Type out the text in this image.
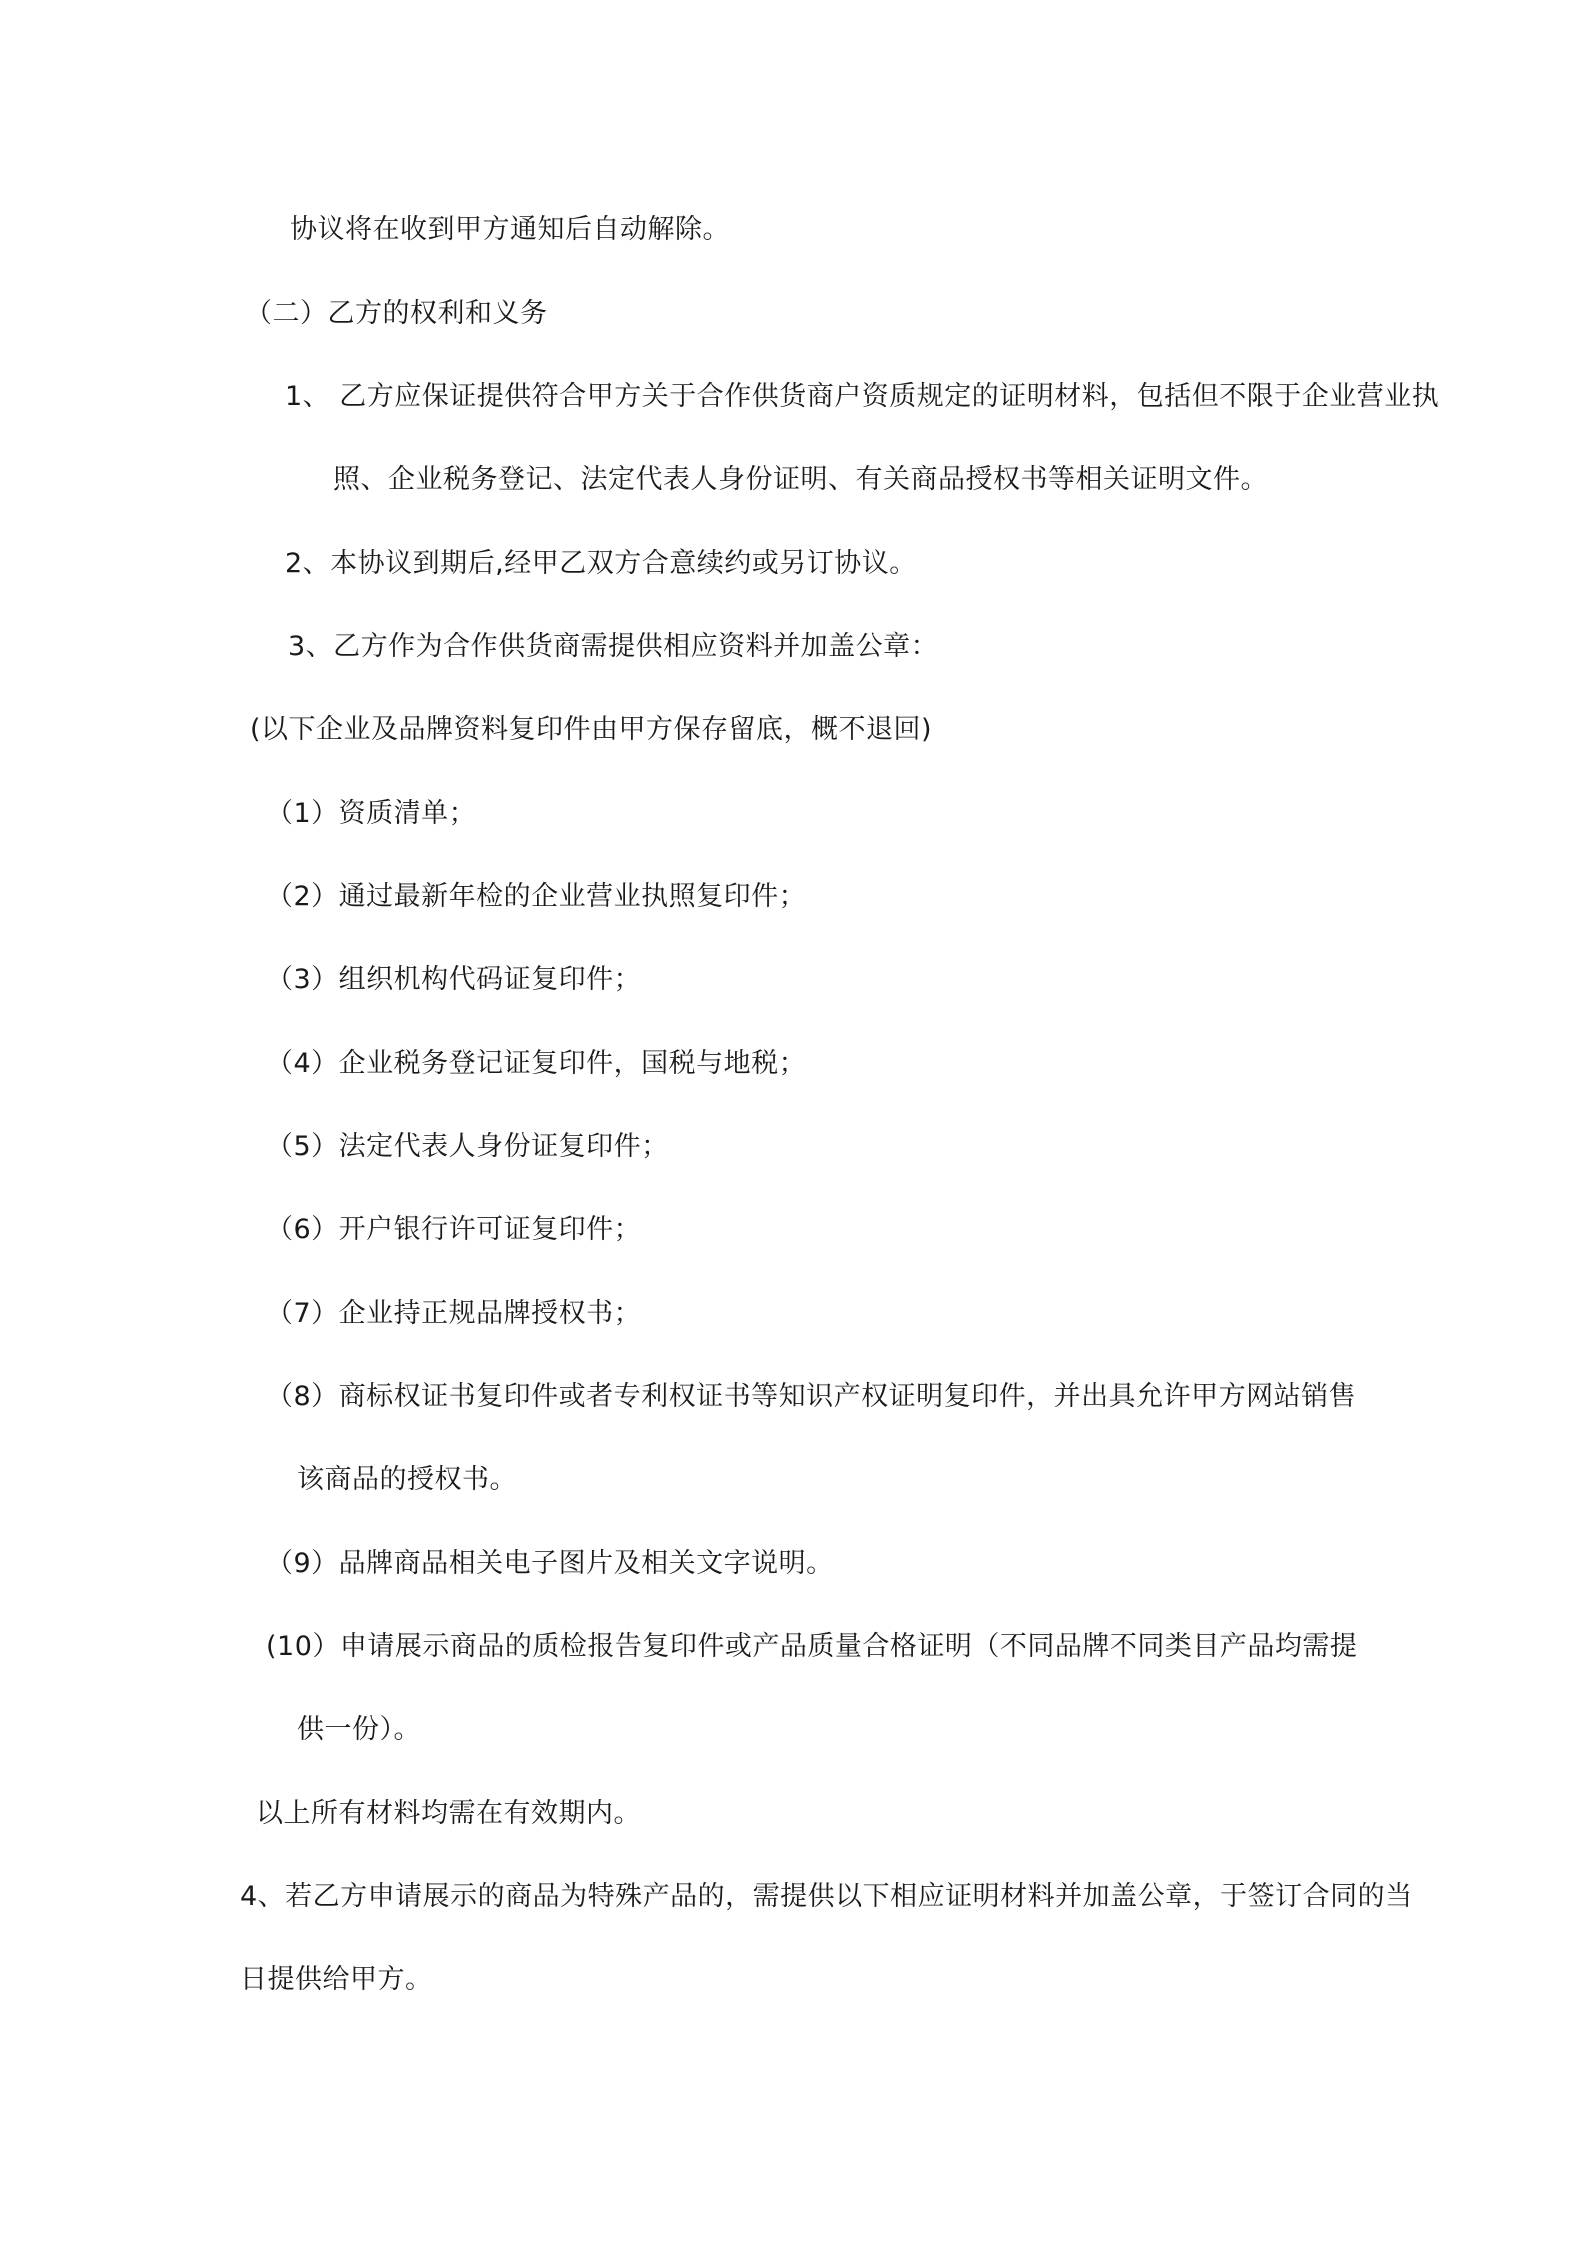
协议将在收到甲方通知后自动解除。
（二）乙方的权利和义务
1、 乙方应保证提供符合甲方关于合作供货商户资质规定的证明材料，包括但不限于企业营业执
照、企业税务登记、法定代表人身份证明、有关商品授权书等相关证明文件。
2、本协议到期后,经甲乙双方合意续约或另订协议。
3、乙方作为合作供货商需提供相应资料并加盖公章：
(以下企业及品牌资料复印件由甲方保存留底，概不退回)
（1）资质清单；
（2）通过最新年检的企业营业执照复印件；
（3）组织机构代码证复印件；
（4）企业税务登记证复印件，国税与地税；
（5）法定代表人身份证复印件；
（6）开户银行许可证复印件；
（7）企业持正规品牌授权书；
（8）商标权证书复印件或者专利权证书等知识产权证明复印件，并出具允许甲方网站销售
该商品的授权书。
（9）品牌商品相关电子图片及相关文字说明。
(10）申请展示商品的质检报告复印件或产品质量合格证明（不同品牌不同类目产品均需提
供一份）。
以上所有材料均需在有效期内。
4、若乙方申请展示的商品为特殊产品的，需提供以下相应证明材料并加盖公章，于签订合同的当
日提供给甲方。
